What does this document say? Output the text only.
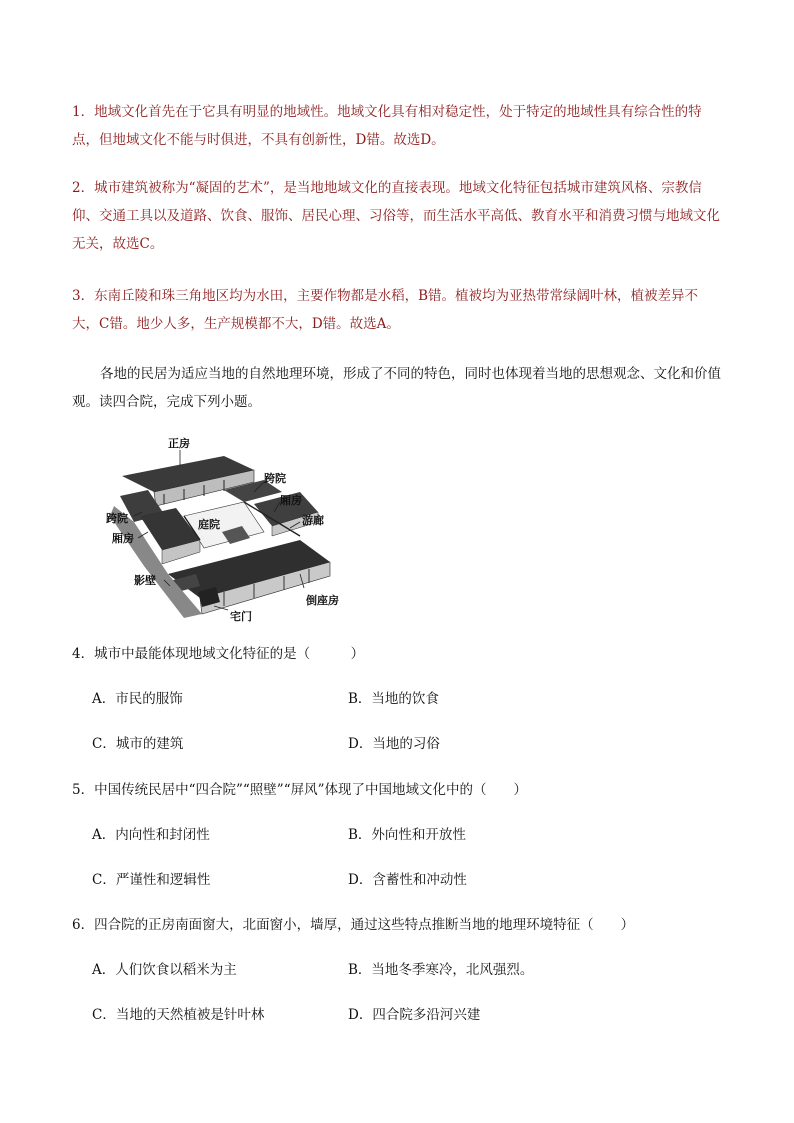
1．地域文化首先在于它具有明显的地域性。地域文化具有相对稳定性，处于特定的地域性具有综合性的特点，但地域文化不能与时俱进，不具有创新性，D错。故选D。

2．城市建筑被称为“凝固的艺术”，是当地地域文化的直接表现。地域文化特征包括城市建筑风格、宗教信仰、交通工具以及道路、饮食、服饰、居民心理、习俗等，而生活水平高低、教育水平和消费习惯与地域文化无关，故选C。

3．东南丘陵和珠三角地区均为水田，主要作物都是水稻，B错。植被均为亚热带常绿阔叶林，植被差异不大，C错。地少人多，生产规模都不大，D错。故选A。

各地的民居为适应当地的自然地理环境，形成了不同的特色，同时也体现着当地的思想观念、文化和价值观。读四合院，完成下列小题。

正房
跨院
厢房
游廊
庭院
跨院
厢房
影壁
倒座房
宅门
4．城市中最能体现地域文化特征的是（　　　）
A．市民的服饰	B．当地的饮食
C．城市的建筑	D．当地的习俗
5．中国传统民居中“四合院”“照壁”“屏风”体现了中国地域文化中的（　　）
A．内向性和封闭性	B．外向性和开放性
C．严谨性和逻辑性	D．含蓄性和冲动性
6．四合院的正房南面窗大，北面窗小，墙厚，通过这些特点推断当地的地理环境特征（　　）
A．人们饮食以稻米为主	B．当地冬季寒冷，北风强烈。
C．当地的天然植被是针叶林	D．四合院多沿河兴建
